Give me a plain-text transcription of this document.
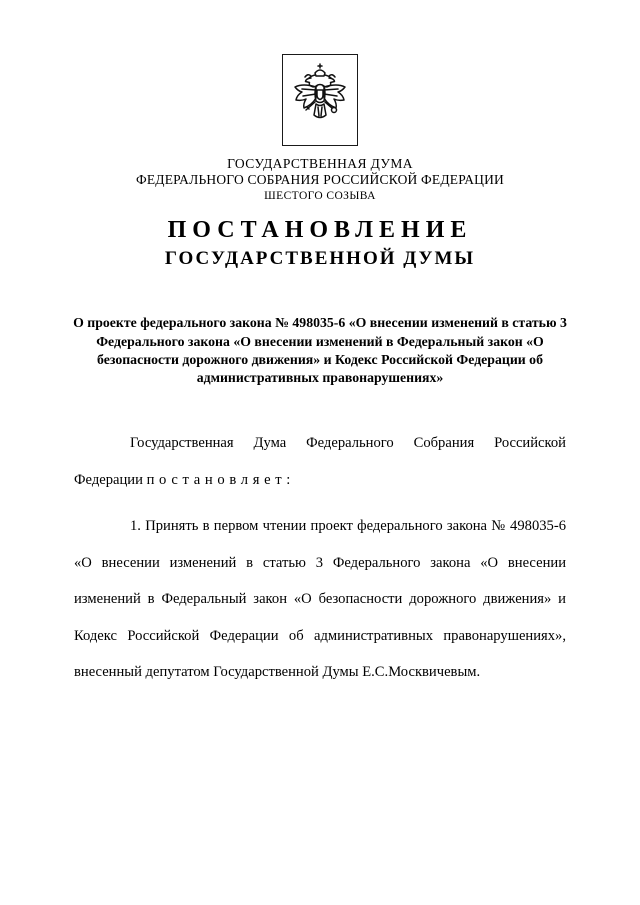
ГОСУДАРСТВЕННАЯ ДУМА
ФЕДЕРАЛЬНОГО СОБРАНИЯ РОССИЙСКОЙ ФЕДЕРАЦИИ
ШЕСТОГО СОЗЫВА
ПОСТАНОВЛЕНИЕ
ГОСУДАРСТВЕННОЙ ДУМЫ

О проекте федерального закона № 498035-6 «О внесении изменений в статью 3 Федерального закона «О внесении изменений в Федеральный закон «О безопасности дорожного движения» и Кодекс Российской Федерации об административных правонарушениях»

Государственная Дума Федерального Собрания Российской Федерации постановляет:

1. Принять в первом чтении проект федерального закона № 498035-6 «О внесении изменений в статью 3 Федерального закона «О внесении изменений в Федеральный закон «О безопасности дорожного движения» и Кодекс Российской Федерации об административных правонарушениях», внесенный депутатом Государственной Думы Е.С.Москвичевым.
